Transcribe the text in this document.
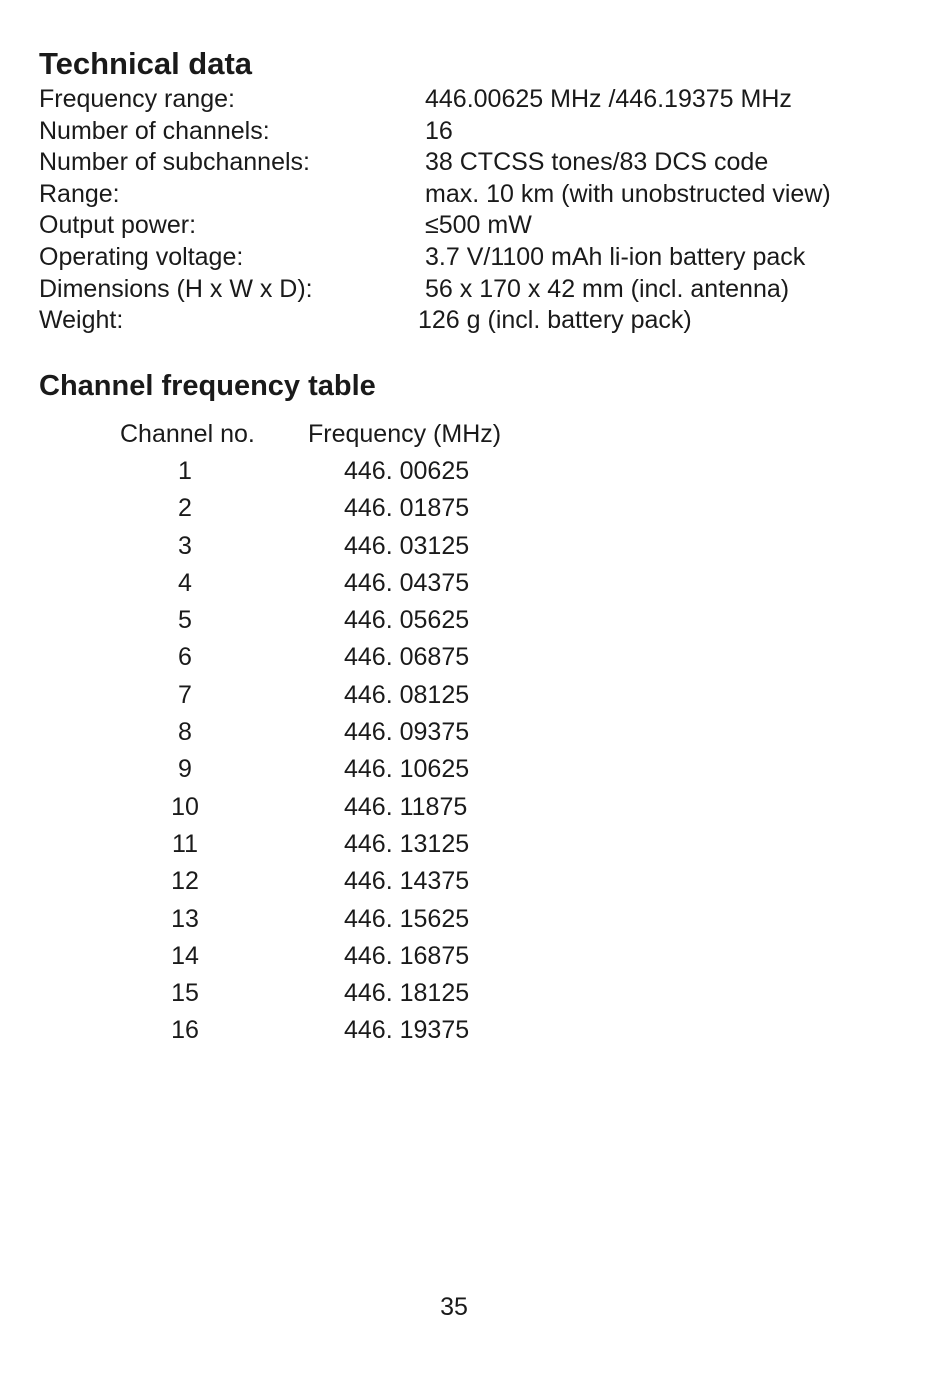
Technical data
Frequency range:	446.00625 MHz /446.19375 MHz
Number of channels:	16
Number of subchannels:	38 CTCSS tones/83 DCS code
Range:	max. 10 km (with unobstructed view)
Output power:	≤500 mW
Operating voltage:	3.7 V/1100 mAh li-ion battery pack
Dimensions (H x W x D):	56 x 170 x 42 mm (incl. antenna)
Weight:	126 g (incl. battery pack)
Channel frequency table
Channel no. Frequency (MHz)
1	446. 00625
2	446. 01875
3	446. 03125
4	446. 04375
5	446. 05625
6	446. 06875
7	446. 08125
8	446. 09375
9	446. 10625
10	446. 11875
11	446. 13125
12	446. 14375
13	446. 15625
14	446. 16875
15	446. 18125
16	446. 19375
35
